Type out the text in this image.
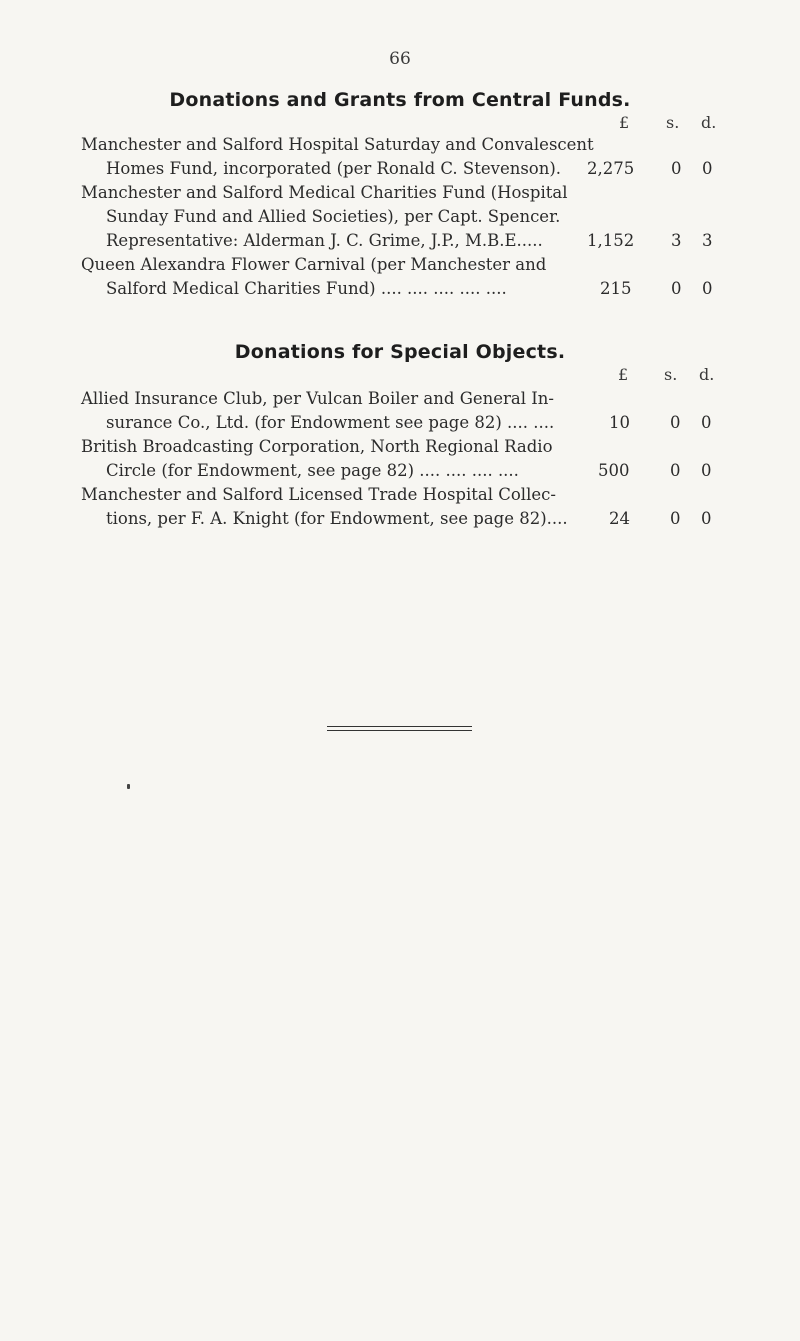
66
Donations and Grants from Central Funds.
£ s. d.
Manchester and Salford Hospital Saturday and Convalescent
Homes Fund, incorporated (per Ronald C. Stevenson). 2,275 0 0
Manchester and Salford Medical Charities Fund (Hospital
Sunday Fund and Allied Societies), per Capt. Spencer.
Representative: Alderman J. C. Grime, J.P., M.B.E.....	1,152 3 3
Queen Alexandra Flower Carnival (per Manchester and
Salford Medical Charities Fund) .... .... .... .... ....	215 0 0
Donations for Special Objects.
£ s. d.
Allied Insurance Club, per Vulcan Boiler and General In-
surance Co., Ltd. (for Endowment see page 82) .... ....	10 0 0
British Broadcasting Corporation, North Regional Radio
Circle (for Endowment, see page 82) .... .... .... ....	500 0 0
Manchester and Salford Licensed Trade Hospital Collec-
tions, per F. A. Knight (for Endowment, see page 82)....	24 0 0
